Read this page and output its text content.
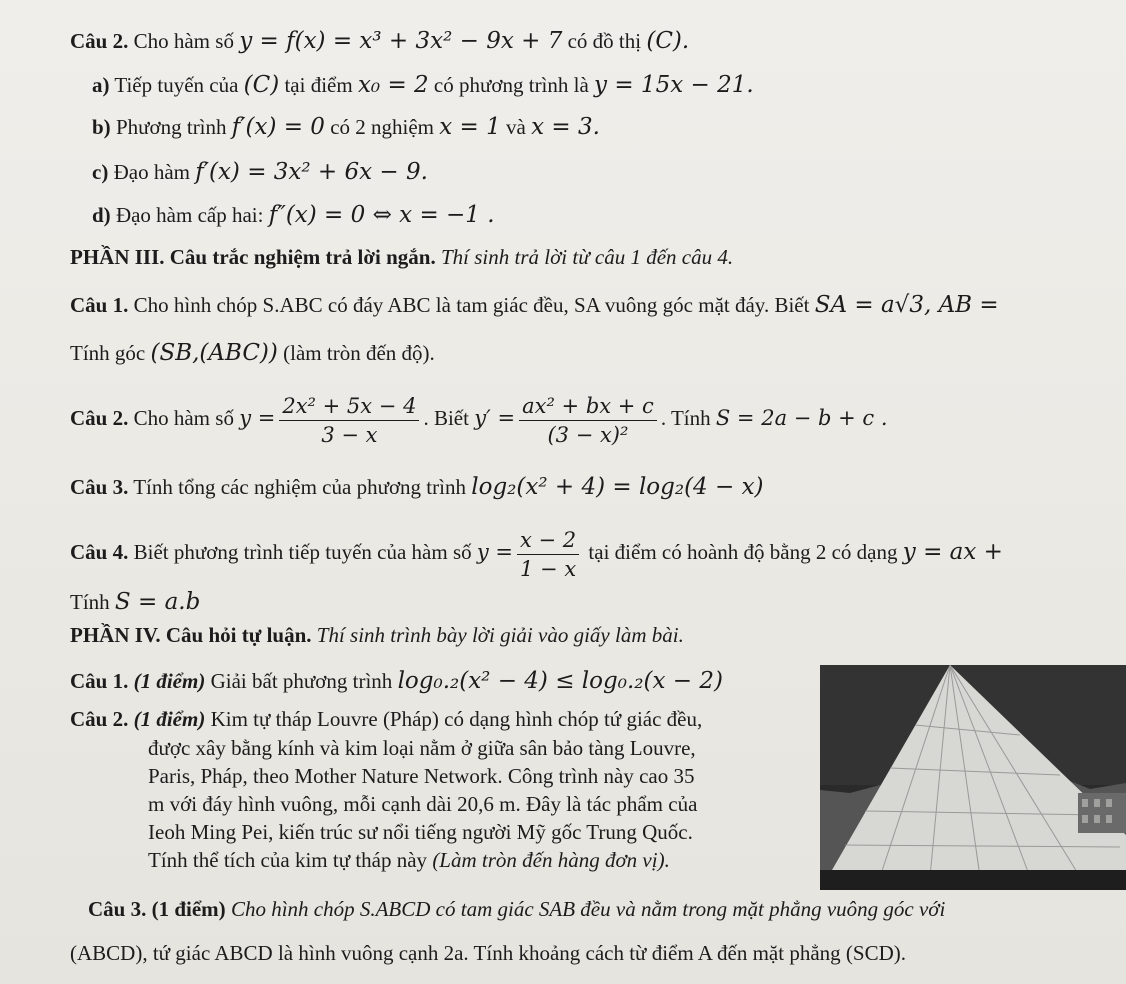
Câu 2. Cho hàm số y = f(x) = x³ + 3x² − 9x + 7 có đồ thị (C).
a) Tiếp tuyến của (C) tại điểm x₀ = 2 có phương trình là y = 15x − 21.
b) Phương trình f′(x) = 0 có 2 nghiệm x = 1 và x = 3.
c) Đạo hàm f′(x) = 3x² + 6x − 9.
d) Đạo hàm cấp hai: f″(x) = 0 ⇔ x = −1 .
PHẦN III. Câu trắc nghiệm trả lời ngắn. Thí sinh trả lời từ câu 1 đến câu 4.
Câu 1. Cho hình chóp S.ABC có đáy ABC là tam giác đều, SA vuông góc mặt đáy. Biết SA = a√3, AB =
Tính góc (SB,(ABC)) (làm tròn đến độ).
Câu 2. Cho hàm số $y = \frac{\text{2x² + 5x − 4}}{3 - x}$ . Biết $y' = \frac{\text{ax² + bx + c}}{\text{(3 − x)²}}$ . Tính S = 2a − b + c .
Câu 3. Tính tổng các nghiệm của phương trình log₂(x² + 4) = log₂(4 − x)
Câu 4. Biết phương trình tiếp tuyến của hàm số $y = \frac{x - 2}{1 - x}$ tại điểm có hoành độ bằng 2 có dạng y = ax +
Tính S = a.b
PHẦN IV. Câu hỏi tự luận. Thí sinh trình bày lời giải vào giấy làm bài.
Câu 1. (1 điểm) Giải bất phương trình log₀.₂(x² − 4) ≤ log₀.₂(x − 2)
Câu 2. (1 điểm) Kim tự tháp Louvre (Pháp) có dạng hình chóp tứ giác đều,
được xây bằng kính và kim loại nằm ở giữa sân bảo tàng Louvre,
Paris, Pháp, theo Mother Nature Network. Công trình này cao 35
m với đáy hình vuông, mỗi cạnh dài 20,6 m. Đây là tác phẩm của
Ieoh Ming Pei, kiến trúc sư nổi tiếng người Mỹ gốc Trung Quốc.
Tính thể tích của kim tự tháp này (Làm tròn đến hàng đơn vị).
Câu 3. (1 điểm) Cho hình chóp S.ABCD có tam giác SAB đều và nằm trong mặt phẳng vuông góc với
(ABCD), tứ giác ABCD là hình vuông cạnh 2a. Tính khoảng cách từ điểm A đến mặt phẳng (SCD).
